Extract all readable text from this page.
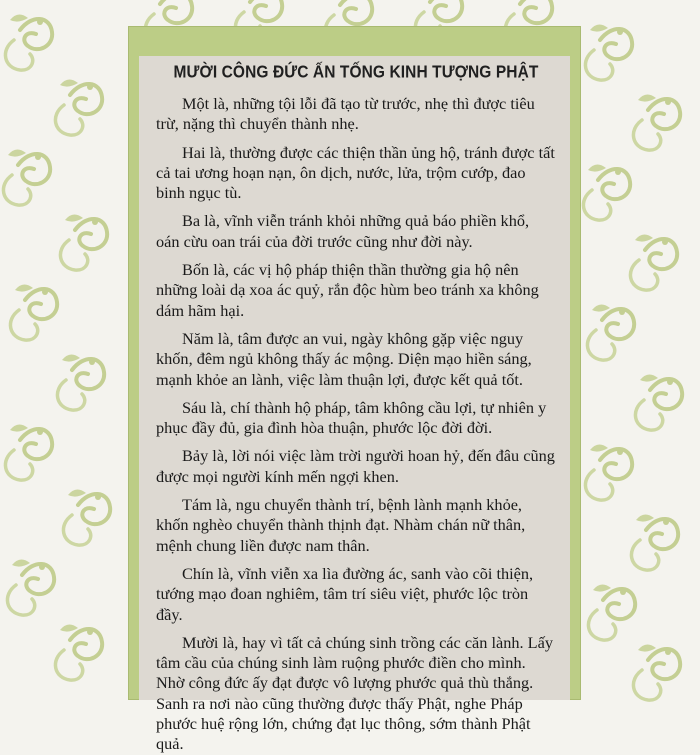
MƯỜI CÔNG ĐỨC ẤN TỐNG KINH TƯỢNG PHẬT

Một là, những tội lỗi đã tạo từ trước, nhẹ thì được tiêu trừ, nặng thì chuyển thành nhẹ.

Hai là, thường được các thiện thần ủng hộ, tránh được tất cả tai ương hoạn nạn, ôn dịch, nước, lửa, trộm cướp, đao binh ngục tù.

Ba là, vĩnh viễn tránh khỏi những quả báo phiền khổ, oán cừu oan trái của đời trước cũng như đời này.

Bốn là, các vị hộ pháp thiện thần thường gia hộ nên những loài dạ xoa ác quỷ, rắn độc hùm beo tránh xa không dám hãm hại.

Năm là, tâm được an vui, ngày không gặp việc nguy khốn, đêm ngủ không thấy ác mộng. Diện mạo hiền sáng, mạnh khỏe an lành, việc làm thuận lợi, được kết quả tốt.

Sáu là, chí thành hộ pháp, tâm không cầu lợi, tự nhiên y phục đầy đủ, gia đình hòa thuận, phước lộc đời đời.

Bảy là, lời nói việc làm trời người hoan hỷ, đến đâu cũng được mọi người kính mến ngợi khen.

Tám là, ngu chuyển thành trí, bệnh lành mạnh khỏe, khốn nghèo chuyển thành thịnh đạt. Nhàm chán nữ thân, mệnh chung liền được nam thân.

Chín là, vĩnh viễn xa lìa đường ác, sanh vào cõi thiện, tướng mạo đoan nghiêm, tâm trí siêu việt, phước lộc tròn đầy.

Mười là, hay vì tất cả chúng sinh trồng các căn lành. Lấy tâm cầu của chúng sinh làm ruộng phước điền cho mình. Nhờ công đức ấy đạt được vô lượng phước quả thù thắng. Sanh ra nơi nào cũng thường được thấy Phật, nghe Pháp phước huệ rộng lớn, chứng đạt lục thông, sớm thành Phật quả.
